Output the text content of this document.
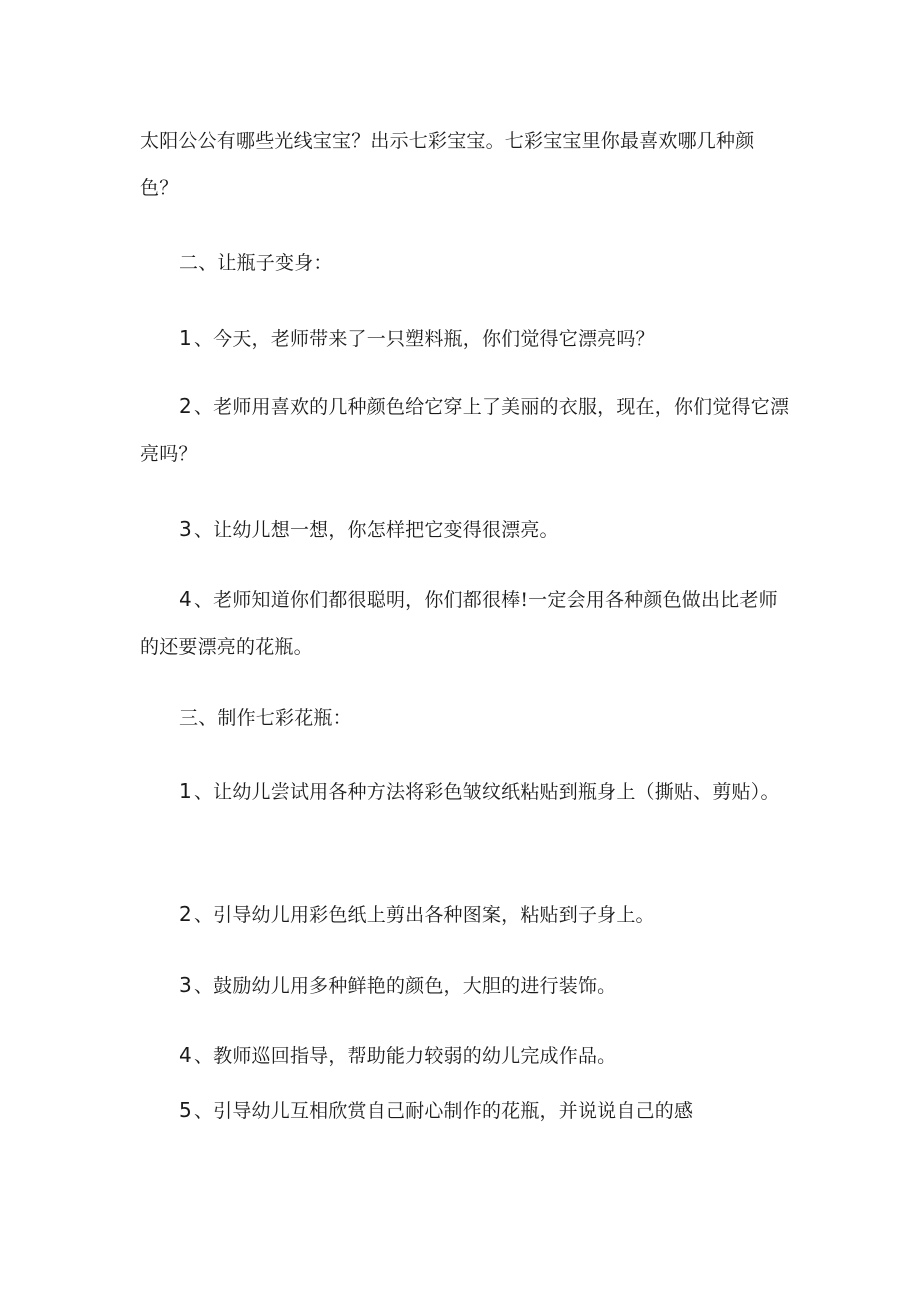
太阳公公有哪些光线宝宝？出示七彩宝宝。七彩宝宝里你最喜欢哪几种颜色？

二、让瓶子变身：

1 、今天，老师带来了一只塑料瓶，你们觉得它漂亮吗？

2 、老师用喜欢的几种颜色给它穿上了美丽的衣服，现在，你们觉得它漂亮吗？

3 、让幼儿想一想，你怎样把它变得很漂亮。

4 、老师知道你们都很聪明，你们都很棒!一定会用各种颜色做出比老师的还要漂亮的花瓶。

三、制作七彩花瓶：

1 、让幼儿尝试用各种方法将彩色皱纹纸粘贴到瓶身上（撕贴、剪贴）。

2 、引导幼儿用彩色纸上剪出各种图案，粘贴到子身上。

3 、鼓励幼儿用多种鲜艳的颜色，大胆的进行装饰。

4 、教师巡回指导，帮助能力较弱的幼儿完成作品。

5 、引导幼儿互相欣赏自己耐心制作的花瓶，并说说自己的感
